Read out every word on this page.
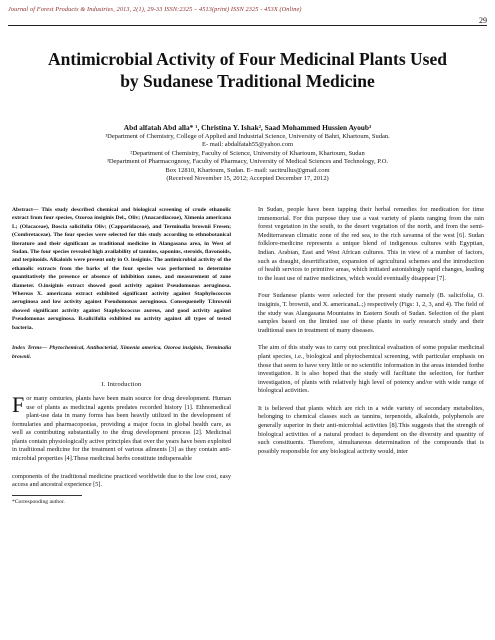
Journal of Forest Products & Industries, 2013, 2(1), 29-33 ISSN:2325 – 4513(print) ISSN 2325 - 453X (Online)
29
Antimicrobial Activity of Four Medicinal Plants Used by Sudanese Traditional Medicine
Abd alfatah Abd alla* ¹, Christina Y. Ishak², Saad Mohammed Hussien Ayoub³
¹Department of Chemistry, College of Applied and Industrial Science, University of Bahri, Khartoum, Sudan.
E- mail: abdalfatah55@yahoo.com
²Department of Chemistry, Faculty of Science, University of Khartoum, Khartoum, Sudan
³Department of Pharmacognosy, Faculty of Pharmacy, University of Medical Sciences and Technology, P.O.
Box 12810, Khartoum, Sudan. E- mail: sacitrullus@gmail.com
(Received November 15, 2012; Accepted December 17, 2012)

Abstract— This study described chemical and biological screening of crude ethanolic extract from four species, Ozoroa insiginis Del., Oliv; (Anacardiaceae), Ximenia americana L; (Olacaceae), Boscia salicifolia Oliv; (Capparidaceae), and Terminalia brownii Fresen; (Combretaceae). The four species were selected for this study according to ethnobotanical literature and their significant as traditional medicine in Alangasana area, in West of Sudan. The four species revealed high availability of tannins, saponins, steroids, flavonoids, and terpinoids. Alkaloids were present only in O. insiginis. The antimicrobial activity of the ethanolic extracts from the barks of the four species was performed to determine quantitatively the presence or absence of inhibition zones, and measurement of zone diameter. O.insiginis extract showed good activity against Pseudomonas aeruginosa. Whereas X. americana extract exhibited significant activity against Staphylococcus aeruginosa and low activity against Pseudomonas aeruginosa. Consequenelly T.brownii showed significant activity against Staphylococcus aureus, and good activity against Pseudomonas aeruginosa. B.salicifolia exhibited no activity against all types of tested bacteria.

Index Terms— Phytochemical, Antibacterial, Ximenia america, Ozoroa insiginis, Terminalia brownii.

I. Introduction
F or many centuries, plants have been main source for drug development. Human use of plants as medicinal agents predates recorded history [1]. Ethnomedical plant-use data in many forms has been heavily utilized in the development of formularies and pharmacopoeias, providing a major focus in global health care, as well as contributing substantially to the drug development process [2]. Medicinal plants contain physiologically active principles that over the years have been exploited in traditional medicine for the treatment of various ailments [3] as they contain anti-microbial properties [4].These medicinal herbs constitute indispensable

components of the traditional medicine practiced worldwide due to the low cost, easy access and ancestral experience [5].

*Corresponding author.

In Sudan, people have been tapping their herbal remedies for medication for time immemorial. For this purpose they use a vast variety of plants ranging from the rain forest vegetation in the south, to the desert vegetation of the north, and from the semi-Mediterranean climatic zone of the red sea, to the rich savanna of the west [6]. Sudan folklore-medicine represents a unique blend of indigenous cultures with Egyptian, Indian. Arabian, East and West African cultures. This in view of a number of factors, such as draught, desertification, expansion of agricultural schemes and the introduction of health services to primitive areas, which initiated astonishingly rapid changes, leading to the least use of native medicines, which would eventually disappear [7].

Four Sudanese plants were selected for the present study namely (B. salicifolia, O. insiginis, T. brownii, and X. americanaL.;) respectively (Figs: 1, 2, 3, and 4). The field of the study was Alangasana Mountains in Eastern South of Sudan. Selection of the plant samples based on the limited use of these plants in early research study and their traditional uses in treatment of many diseases.

The aim of this study was to carry out preclinical evaluation of some popular medicinal plant species, i.e., biological and phytochemical screening, with particular emphasis on those that seem to have very little or no scientific information in the areas intended forthe investigation. It is also hoped that the study will facilitate the selection, for further investigation, of plants with relatively high level of potency and/or with wide range of biological activities.

It is believed that plants which are rich in a wide variety of secondary metabolites, belonging to chemical classes such as tannins, terpenoids, alkaloids, polyphenols are generally superior in their anti-microbial activities [8].This suggests that the strength of biological activities of a natural product is dependent on the diversity and quantity of such constituents. Therefore, simultaneous determination of the compounds that is possibly responsible for any biological activity would, inter
